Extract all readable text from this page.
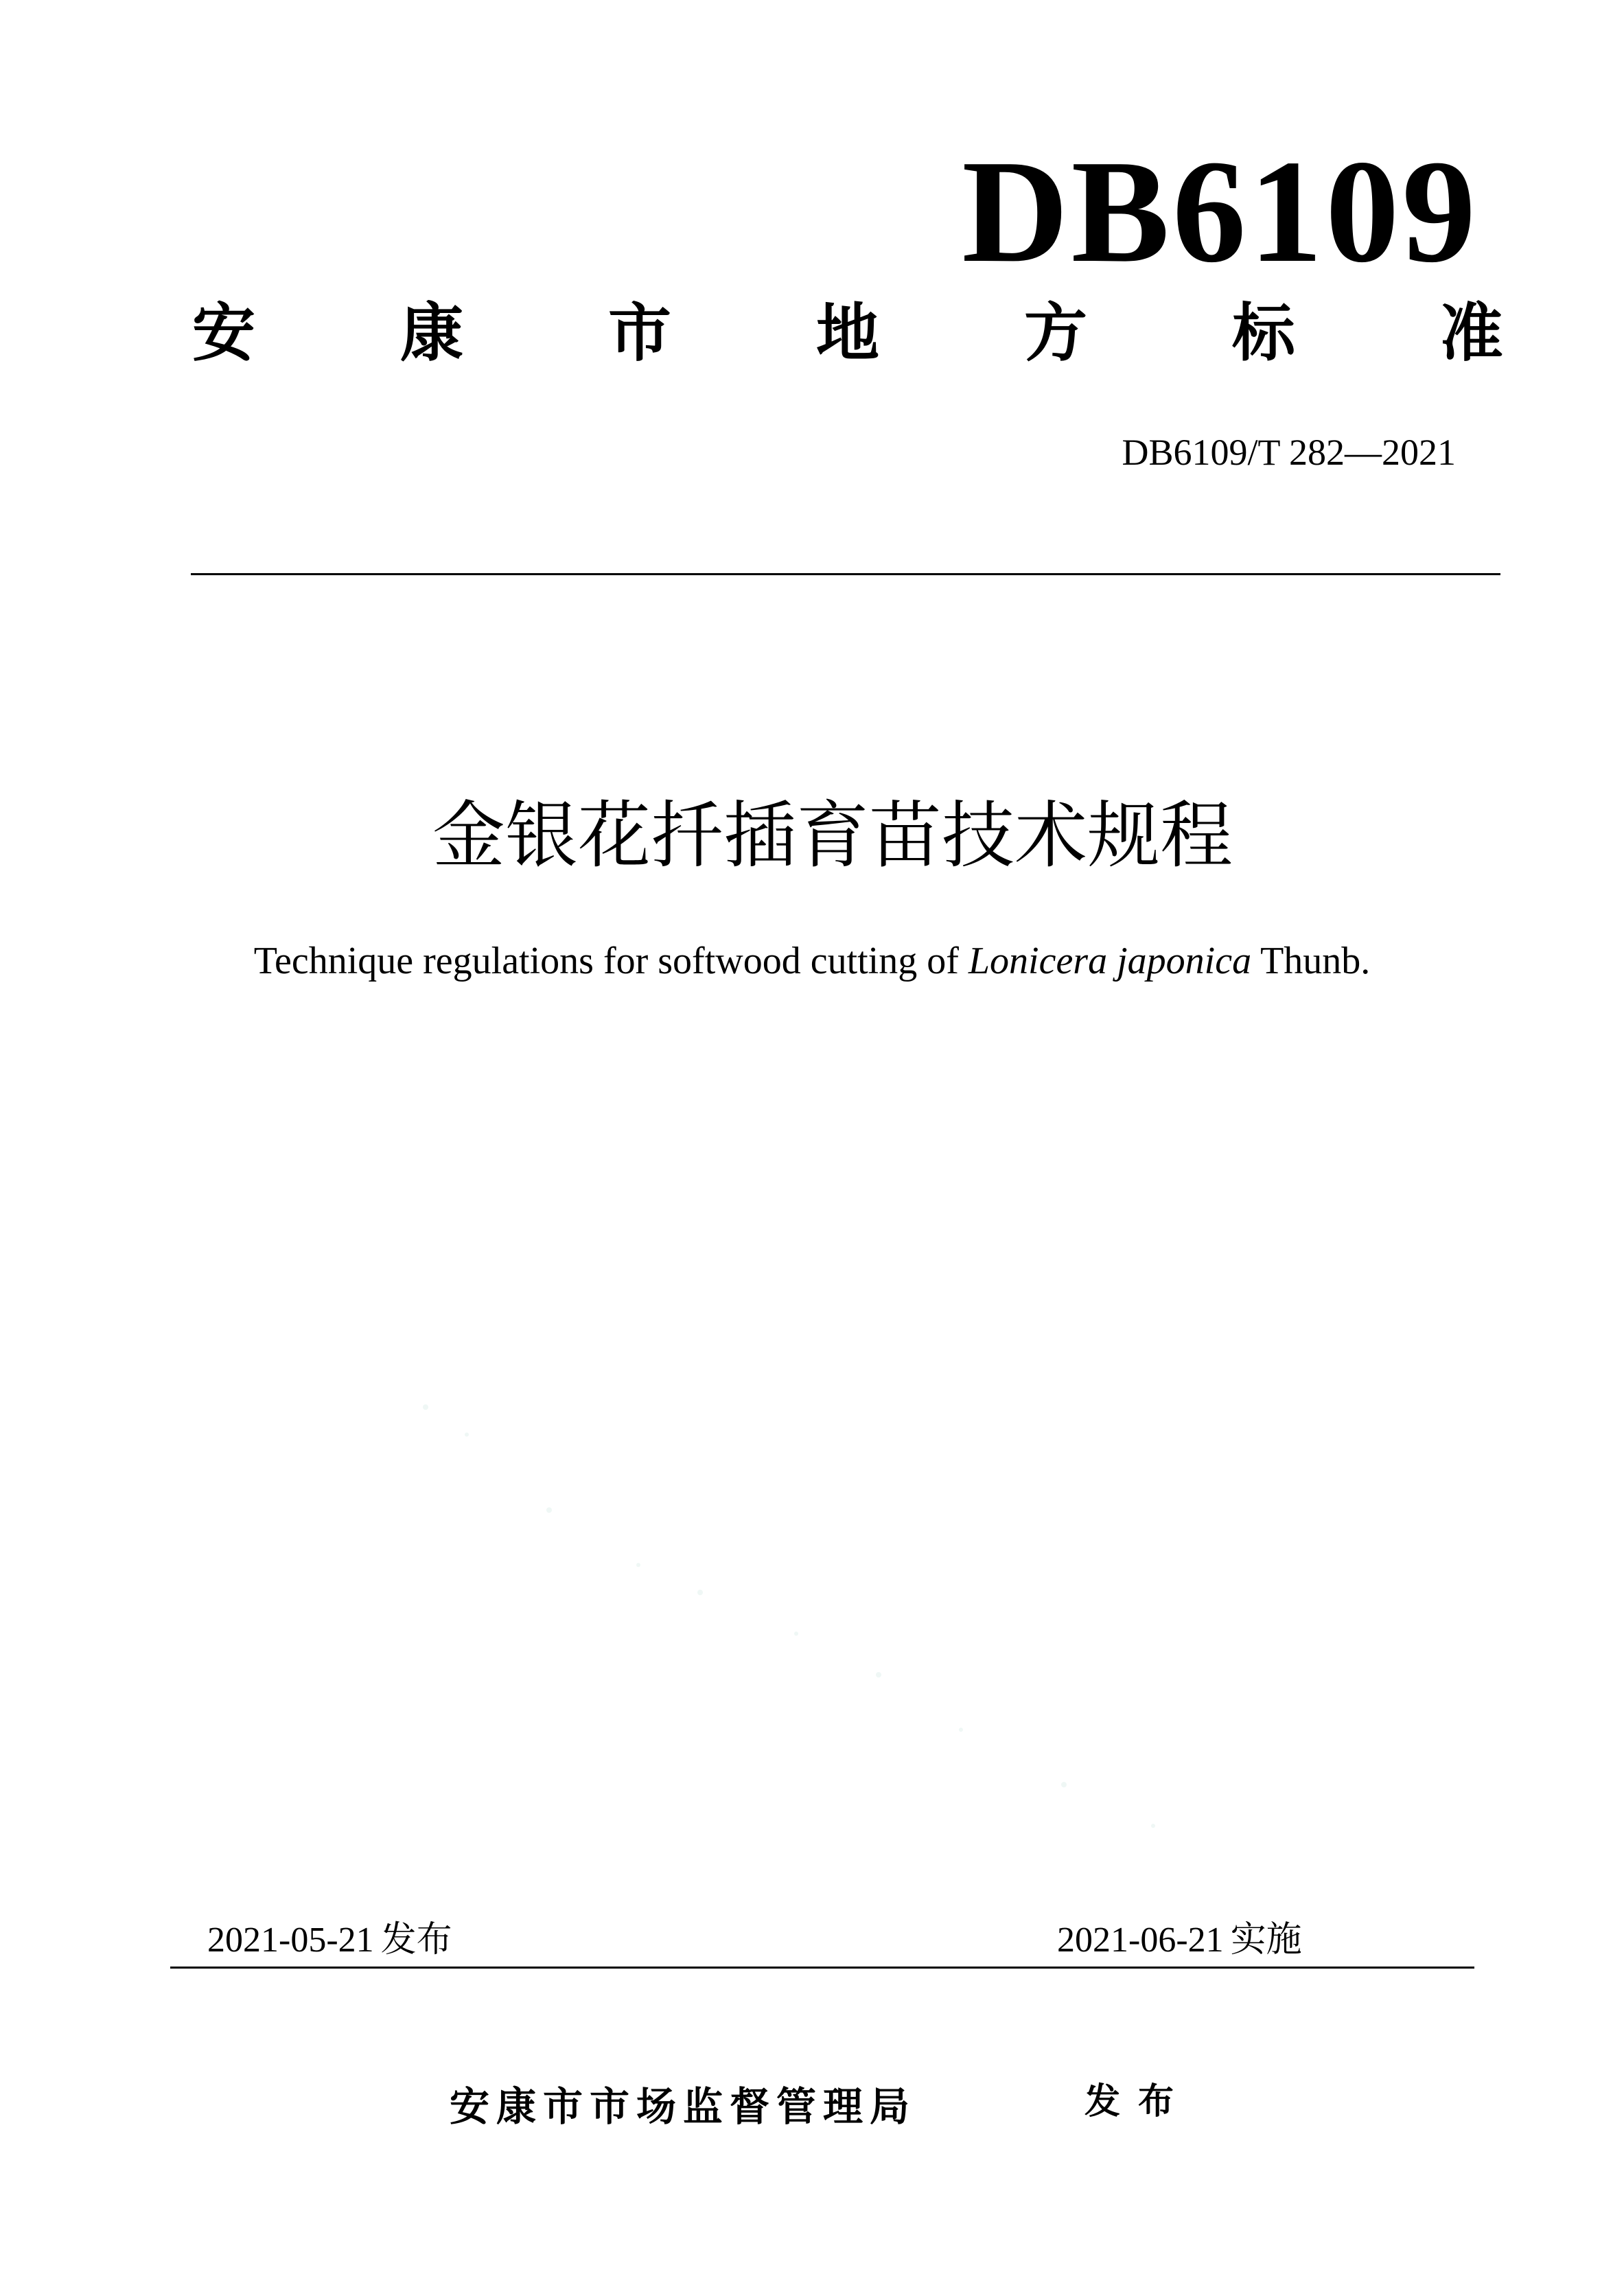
DB6109
安 康 市 地 方 标 准
DB6109/T 282—2021
金银花扦插育苗技术规程
Technique regulations for softwood cutting of Lonicera japonica Thunb.
2021-05-21 发布	2021-06-21 实施
安康市市场监督管理局	发布
